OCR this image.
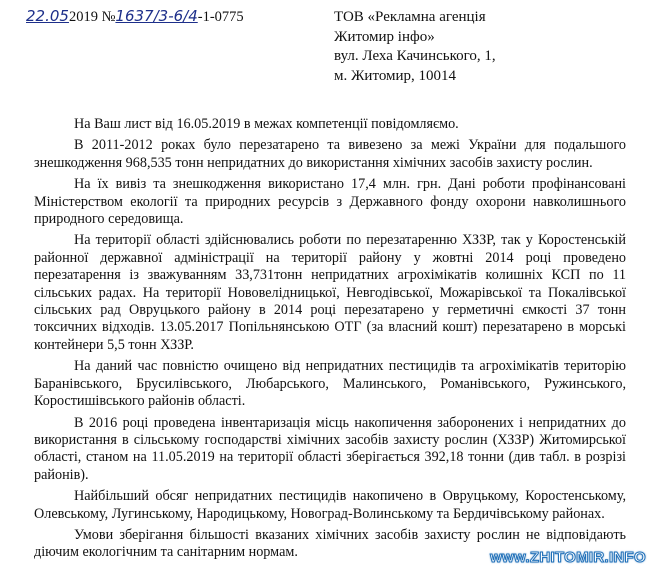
22.052019 №1637/3-6/4-1-0775	ТОВ «Рекламна агенція
Житомир інфо»
вул. Леха Качинського, 1,
м. Житомир, 10014

На Ваш лист від 16.05.2019 в межах компетенції повідомляємо.

В 2011-2012 роках було перезатарено та вивезено за межі України для подальшого знешкодження 968,535 тонн непридатних до використання хімічних засобів захисту рослин.

На їх вивіз та знешкодження використано 17,4 млн. грн. Дані роботи профінансовані Міністерством екології та природних ресурсів з Державного фонду охорони навколишнього природного середовища.

На території області здійснювались роботи по перезатаренню ХЗЗР, так у Коростенській районної державної адміністрації на території району у жовтні 2014 році проведено перезатарення із зважуванням 33,731тонн непридатних агрохімікатів колишніх КСП по 11 сільських радах. На території Нововелідницької, Невгодівської, Можарівської та Покалівської сільських рад Овруцького району в 2014 році перезатарено у герметичні ємкості 37 тонн токсичних відходів. 13.05.2017 Попільнянською ОТГ (за власний кошт) перезатарено в морські контейнери 5,5 тонн ХЗЗР.

На даний час повністю очищено від непридатних пестицидів та агрохімікатів територію Баранівського, Брусилівського, Любарського, Малинського, Романівського, Ружинського, Коростишівського районів області.

В 2016 році проведена інвентаризація місць накопичення заборонених і непридатних до використання в сільському господарстві хімічних засобів захисту рослин (ХЗЗР) Житомирської області, станом на 11.05.2019 на території області зберігається 392,18 тонни (див табл. в розрізі районів).

Найбільший обсяг непридатних пестицидів накопичено в Овруцькому, Коростенському, Олевському, Лугинському, Народицькому, Новоград-Волинському та Бердичівському районах.

Умови зберігання більшості вказаних хімічних засобів захисту рослин не відповідають діючим екологічним та санітарним нормам.	www.ZHITOMIR.INFO
